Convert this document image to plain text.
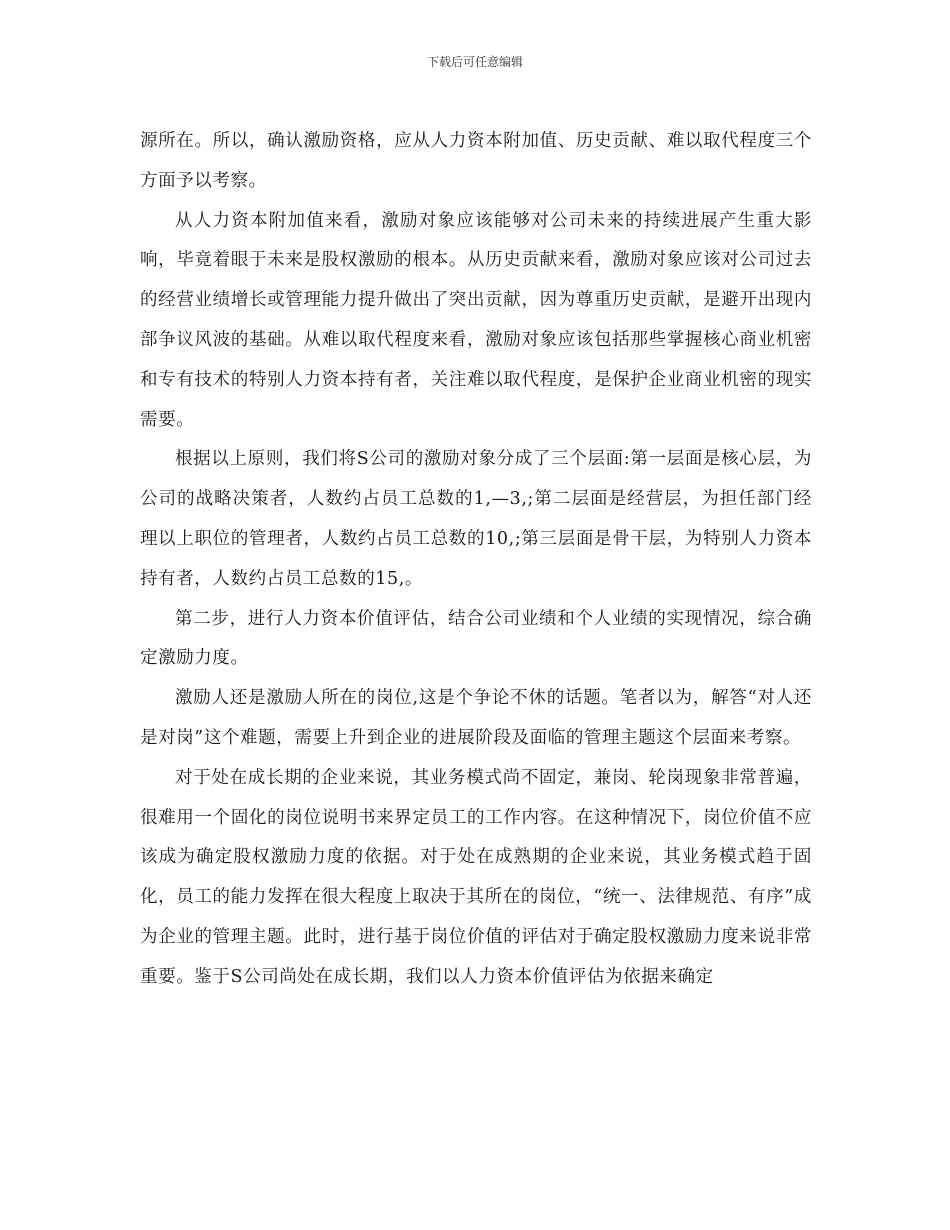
下载后可任意编辑

源所在。所以，确认激励资格，应从人力资本附加值、历史贡献、难以取代程度三个方面予以考察。

从人力资本附加值来看，激励对象应该能够对公司未来的持续进展产生重大影响，毕竟着眼于未来是股权激励的根本。从历史贡献来看，激励对象应该对公司过去的经营业绩增长或管理能力提升做出了突出贡献，因为尊重历史贡献，是避开出现内部争议风波的基础。从难以取代程度来看，激励对象应该包括那些掌握核心商业机密和专有技术的特别人力资本持有者，关注难以取代程度，是保护企业商业机密的现实需要。

根据以上原则，我们将S公司的激励对象分成了三个层面:第一层面是核心层，为公司的战略决策者，人数约占员工总数的1,—3,;第二层面是经营层，为担任部门经理以上职位的管理者，人数约占员工总数的10,;第三层面是骨干层，为特别人力资本持有者，人数约占员工总数的15,。

第二步，进行人力资本价值评估，结合公司业绩和个人业绩的实现情况，综合确定激励力度。

激励人还是激励人所在的岗位,这是个争论不休的话题。笔者以为，解答“对人还是对岗”这个难题，需要上升到企业的进展阶段及面临的管理主题这个层面来考察。

对于处在成长期的企业来说，其业务模式尚不固定，兼岗、轮岗现象非常普遍，很难用一个固化的岗位说明书来界定员工的工作内容。在这种情况下，岗位价值不应该成为确定股权激励力度的依据。对于处在成熟期的企业来说，其业务模式趋于固化，员工的能力发挥在很大程度上取决于其所在的岗位，“统一、法律规范、有序”成为企业的管理主题。此时，进行基于岗位价值的评估对于确定股权激励力度来说非常重要。鉴于S公司尚处在成长期，我们以人力资本价值评估为依据来确定
